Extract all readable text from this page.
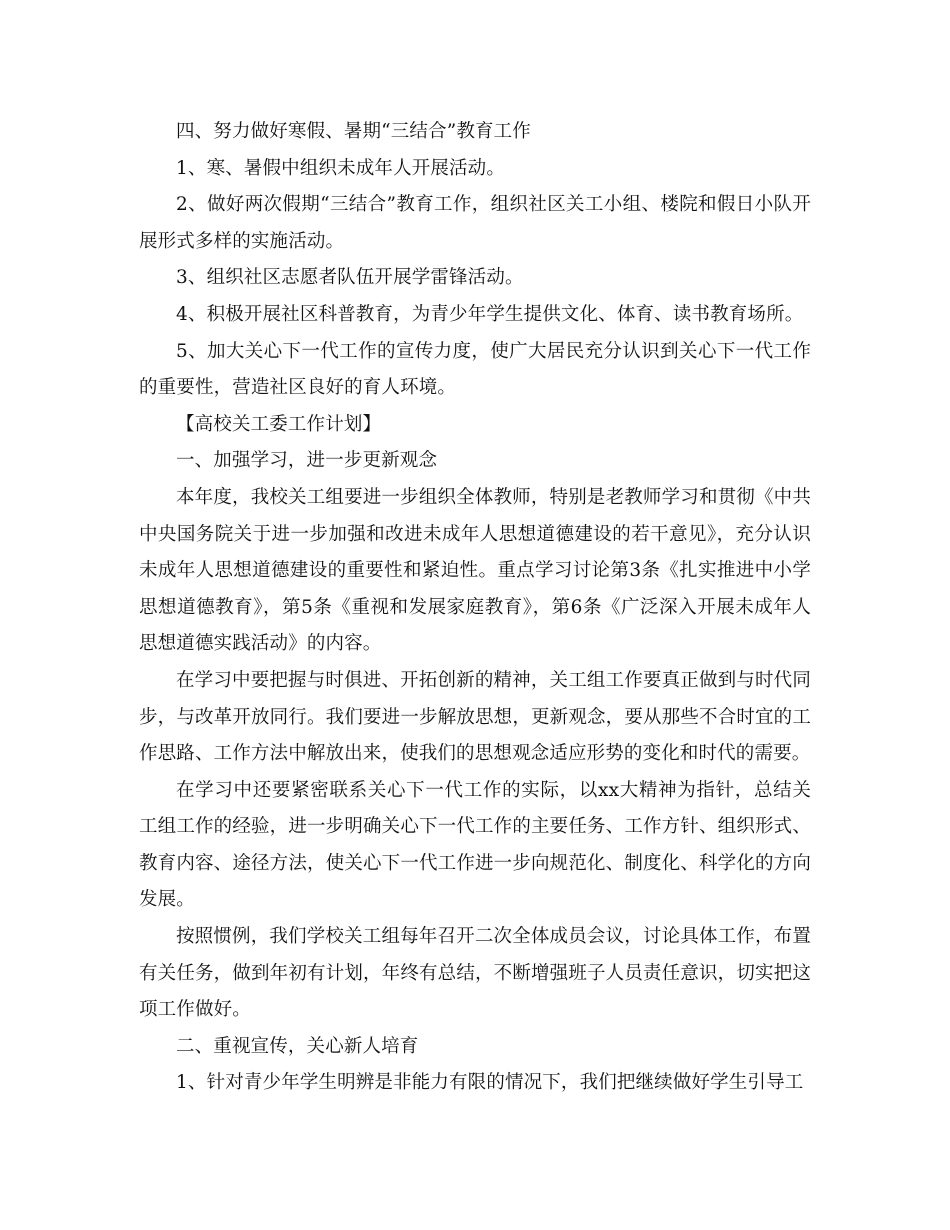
四、努力做好寒假、暑期“三结合”教育工作

1、寒、暑假中组织未成年人开展活动。

2、做好两次假期“三结合”教育工作，组织社区关工小组、楼院和假日小队开展形式多样的实施活动。

3、组织社区志愿者队伍开展学雷锋活动。

4、积极开展社区科普教育，为青少年学生提供文化、体育、读书教育场所。

5、加大关心下一代工作的宣传力度，使广大居民充分认识到关心下一代工作的重要性，营造社区良好的育人环境。

【高校关工委工作计划】

一、加强学习，进一步更新观念

本年度，我校关工组要进一步组织全体教师，特别是老教师学习和贯彻《中共中央国务院关于进一步加强和改进未成年人思想道德建设的若干意见》，充分认识未成年人思想道德建设的重要性和紧迫性。重点学习讨论第3条《扎实推进中小学思想道德教育》，第5条《重视和发展家庭教育》，第6条《广泛深入开展未成年人思想道德实践活动》的内容。

在学习中要把握与时俱进、开拓创新的精神，关工组工作要真正做到与时代同步，与改革开放同行。我们要进一步解放思想，更新观念，要从那些不合时宜的工作思路、工作方法中解放出来，使我们的思想观念适应形势的变化和时代的需要。

在学习中还要紧密联系关心下一代工作的实际，以xx大精神为指针，总结关工组工作的经验，进一步明确关心下一代工作的主要任务、工作方针、组织形式、教育内容、途径方法，使关心下一代工作进一步向规范化、制度化、科学化的方向发展。

按照惯例，我们学校关工组每年召开二次全体成员会议，讨论具体工作，布置有关任务，做到年初有计划，年终有总结，不断增强班子人员责任意识，切实把这项工作做好。

二、重视宣传，关心新人培育

1、针对青少年学生明辨是非能力有限的情况下，我们把继续做好学生引导工
